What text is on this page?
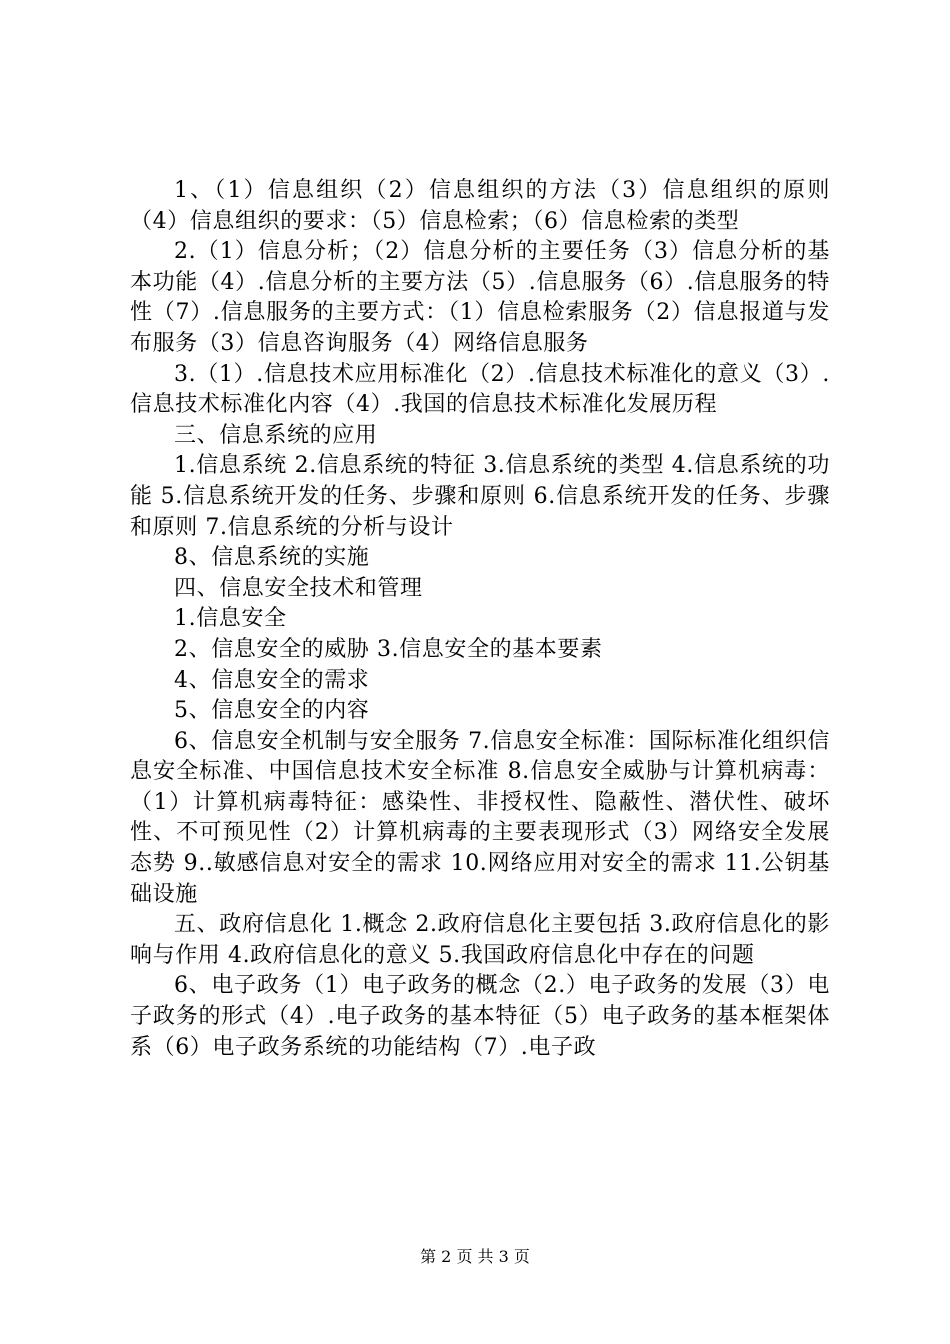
1、（1）信息组织（2）信息组织的方法（3）信息组织的原则（4）信息组织的要求：（5）信息检索；（6）信息检索的类型

2.（1）信息分析；（2）信息分析的主要任务（3）信息分析的基本功能（4）.信息分析的主要方法（5）.信息服务（6）.信息服务的特性（7）.信息服务的主要方式：（1）信息检索服务（2）信息报道与发布服务（3）信息咨询服务（4）网络信息服务

3.（1）.信息技术应用标准化（2）.信息技术标准化的意义（3）.信息技术标准化内容（4）.我国的信息技术标准化发展历程

三、信息系统的应用

1.信息系统 2.信息系统的特征 3.信息系统的类型 4.信息系统的功能 5.信息系统开发的任务、步骤和原则 6.信息系统开发的任务、步骤和原则 7.信息系统的分析与设计

8、信息系统的实施

四、信息安全技术和管理

1.信息安全

2、信息安全的威胁 3.信息安全的基本要素

4、信息安全的需求

5、信息安全的内容

6、信息安全机制与安全服务 7.信息安全标准：国际标准化组织信息安全标准、中国信息技术安全标准 8.信息安全威胁与计算机病毒：（1）计算机病毒特征：感染性、非授权性、隐蔽性、潜伏性、破坏性、不可预见性（2）计算机病毒的主要表现形式（3）网络安全发展态势 9..敏感信息对安全的需求 10.网络应用对安全的需求 11.公钥基础设施

五、政府信息化 1.概念 2.政府信息化主要包括 3.政府信息化的影响与作用 4.政府信息化的意义 5.我国政府信息化中存在的问题

6、电子政务（1）电子政务的概念（2.）电子政务的发展（3）电子政务的形式（4）.电子政务的基本特征（5）电子政务的基本框架体系（6）电子政务系统的功能结构（7）.电子政

第 2 页 共 3 页
